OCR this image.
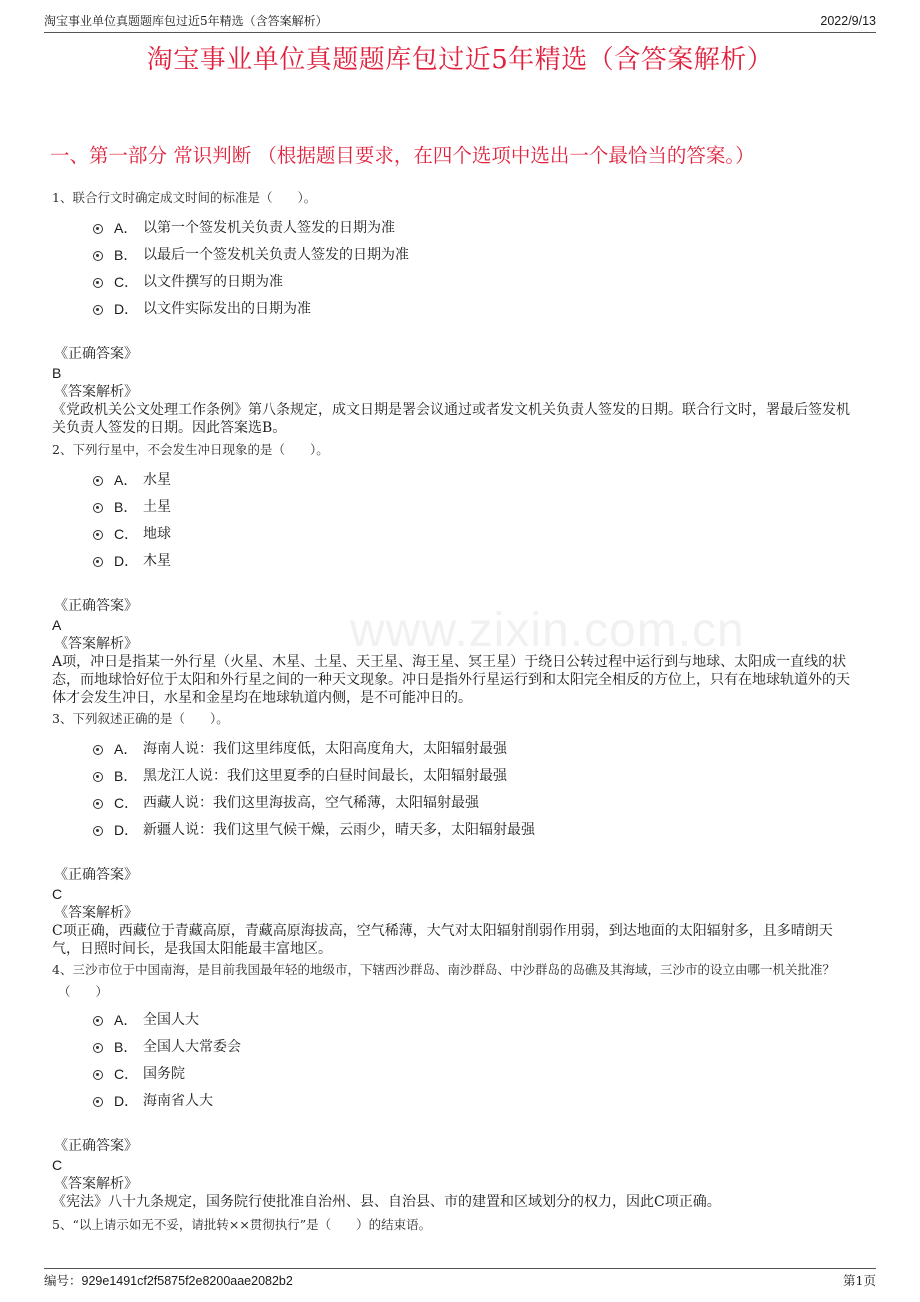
淘宝事业单位真题题库包过近5年精选（含答案解析）	2022/9/13
淘宝事业单位真题题库包过近5年精选（含答案解析）
一、第一部分 常识判断 （根据题目要求，在四个选项中选出一个最恰当的答案。）
www.zixin.com.cn
1、联合行文时确定成文时间的标准是（　　）。
A． 以第一个签发机关负责人签发的日期为准
B． 以最后一个签发机关负责人签发的日期为准
C． 以文件撰写的日期为准
D． 以文件实际发出的日期为准
《正确答案》
B
《答案解析》
《党政机关公文处理工作条例》第八条规定，成文日期是署会议通过或者发文机关负责人签发的日期。联合行文时，署最后签发机关负责人签发的日期。因此答案选B。
2、下列行星中，不会发生冲日现象的是（　　）。
A． 水星
B． 土星
C． 地球
D． 木星
《正确答案》
A
《答案解析》
A项，冲日是指某一外行星（火星、木星、土星、天王星、海王星、冥王星）于绕日公转过程中运行到与地球、太阳成一直线的状态，而地球恰好位于太阳和外行星之间的一种天文现象。冲日是指外行星运行到和太阳完全相反的方位上，只有在地球轨道外的天体才会发生冲日，水星和金星均在地球轨道内侧，是不可能冲日的。
3、下列叙述正确的是（　　）。
A． 海南人说：我们这里纬度低，太阳高度角大，太阳辐射最强
B． 黑龙江人说：我们这里夏季的白昼时间最长，太阳辐射最强
C． 西藏人说：我们这里海拔高，空气稀薄，太阳辐射最强
D． 新疆人说：我们这里气候干燥，云雨少，晴天多，太阳辐射最强
《正确答案》
C
《答案解析》
C项正确，西藏位于青藏高原，青藏高原海拔高，空气稀薄，大气对太阳辐射削弱作用弱，到达地面的太阳辐射多，且多晴朗天气，日照时间长，是我国太阳能最丰富地区。
4、三沙市位于中国南海，是目前我国最年轻的地级市，下辖西沙群岛、南沙群岛、中沙群岛的岛礁及其海域，三沙市的设立由哪一机关批准？
（　　）
A． 全国人大
B． 全国人大常委会
C． 国务院
D． 海南省人大
《正确答案》
C
《答案解析》
《宪法》八十九条规定，国务院行使批准自治州、县、自治县、市的建置和区域划分的权力，因此C项正确。
5、“以上请示如无不妥，请批转××贯彻执行”是（　　）的结束语。
编号：929e1491cf2f5875f2e8200aae2082b2	第1页
